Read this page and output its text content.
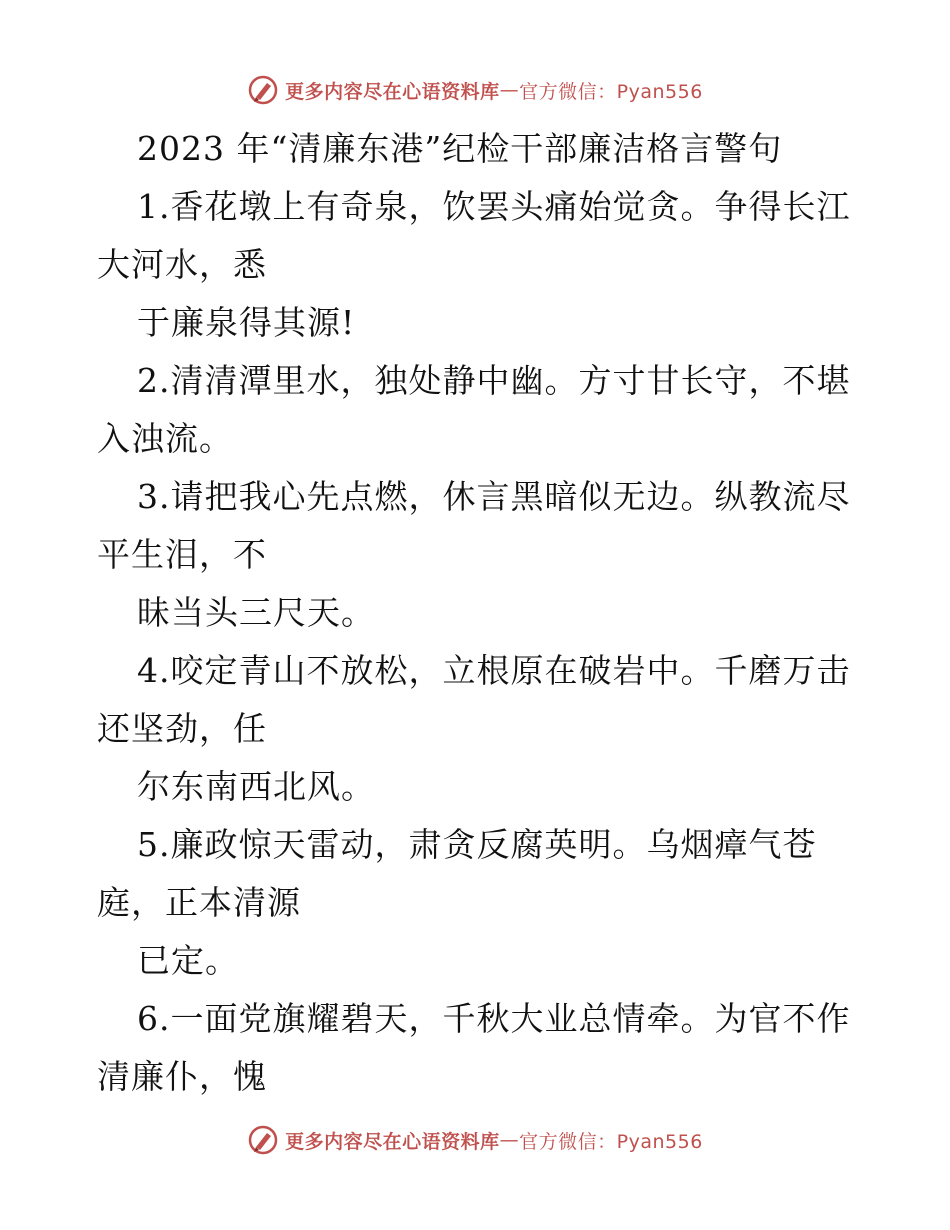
更多内容尽在心语资料库 — 官方微信：Pyan556
2023 年“清廉东港”纪检干部廉洁格言警句
1.香花墩上有奇泉，饮罢头痛始觉贪。争得长江
大河水，悉
于廉泉得其源!
2.清清潭里水，独处静中幽。方寸甘长守，不堪
入浊流。
3.请把我心先点燃，休言黑暗似无边。纵教流尽
平生泪，不
昧当头三尺天。
4.咬定青山不放松，立根原在破岩中。千磨万击
还坚劲，任
尔东南西北风。
5.廉政惊天雷动，肃贪反腐英明。乌烟瘴气苍
庭，正本清源
已定。
6.一面党旗耀碧天，千秋大业总情牵。为官不作
清廉仆，愧
更多内容尽在心语资料库 — 官方微信：Pyan556
